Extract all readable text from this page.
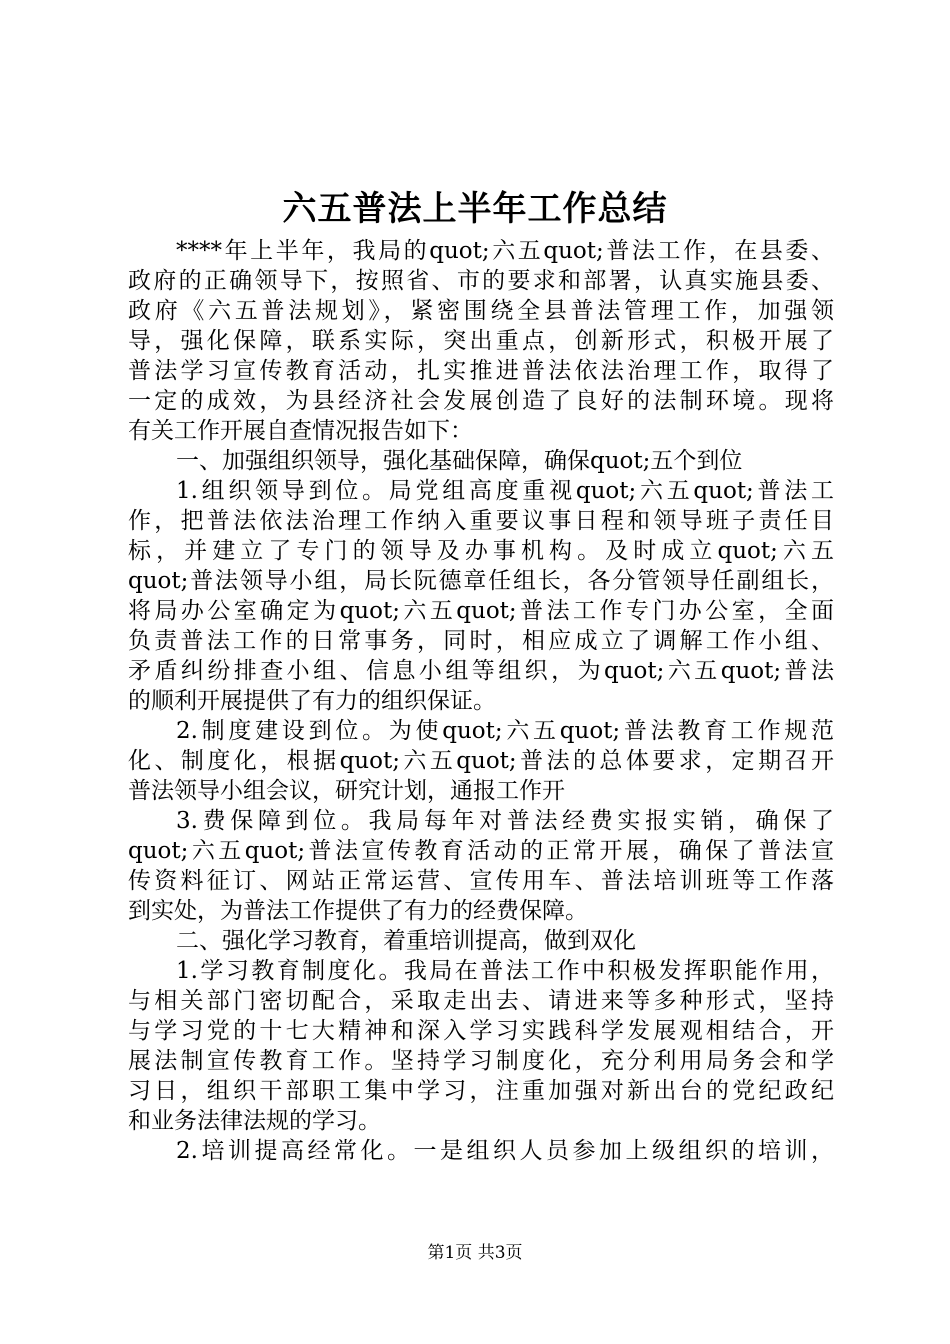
六五普法上半年工作总结
****年上半年，我局的quot;六五quot;普法工作，在县委、
政府的正确领导下，按照省、市的要求和部署，认真实施县委、
政府《六五普法规划》，紧密围绕全县普法管理工作，加强领
导，强化保障，联系实际，突出重点，创新形式，积极开展了
普法学习宣传教育活动，扎实推进普法依法治理工作，取得了
一定的成效，为县经济社会发展创造了良好的法制环境。现将
有关工作开展自查情况报告如下：
一、加强组织领导，强化基础保障，确保quot;五个到位
1.组织领导到位。局党组高度重视quot;六五quot;普法工
作，把普法依法治理工作纳入重要议事日程和领导班子责任目
标，并建立了专门的领导及办事机构。及时成立quot;六五
quot;普法领导小组，局长阮德章任组长，各分管领导任副组长，
将局办公室确定为quot;六五quot;普法工作专门办公室，全面
负责普法工作的日常事务，同时，相应成立了调解工作小组、
矛盾纠纷排查小组、信息小组等组织，为quot;六五quot;普法
的顺利开展提供了有力的组织保证。
2.制度建设到位。为使quot;六五quot;普法教育工作规范
化、制度化，根据quot;六五quot;普法的总体要求，定期召开
普法领导小组会议，研究计划，通报工作开
3.费保障到位。我局每年对普法经费实报实销，确保了
quot;六五quot;普法宣传教育活动的正常开展，确保了普法宣
传资料征订、网站正常运营、宣传用车、普法培训班等工作落
到实处，为普法工作提供了有力的经费保障。
二、强化学习教育，着重培训提高，做到双化
1.学习教育制度化。我局在普法工作中积极发挥职能作用，
与相关部门密切配合，采取走出去、请进来等多种形式，坚持
与学习党的十七大精神和深入学习实践科学发展观相结合，开
展法制宣传教育工作。坚持学习制度化，充分利用局务会和学
习日，组织干部职工集中学习，注重加强对新出台的党纪政纪
和业务法律法规的学习。
2.培训提高经常化。一是组织人员参加上级组织的培训，
第1页 共3页
